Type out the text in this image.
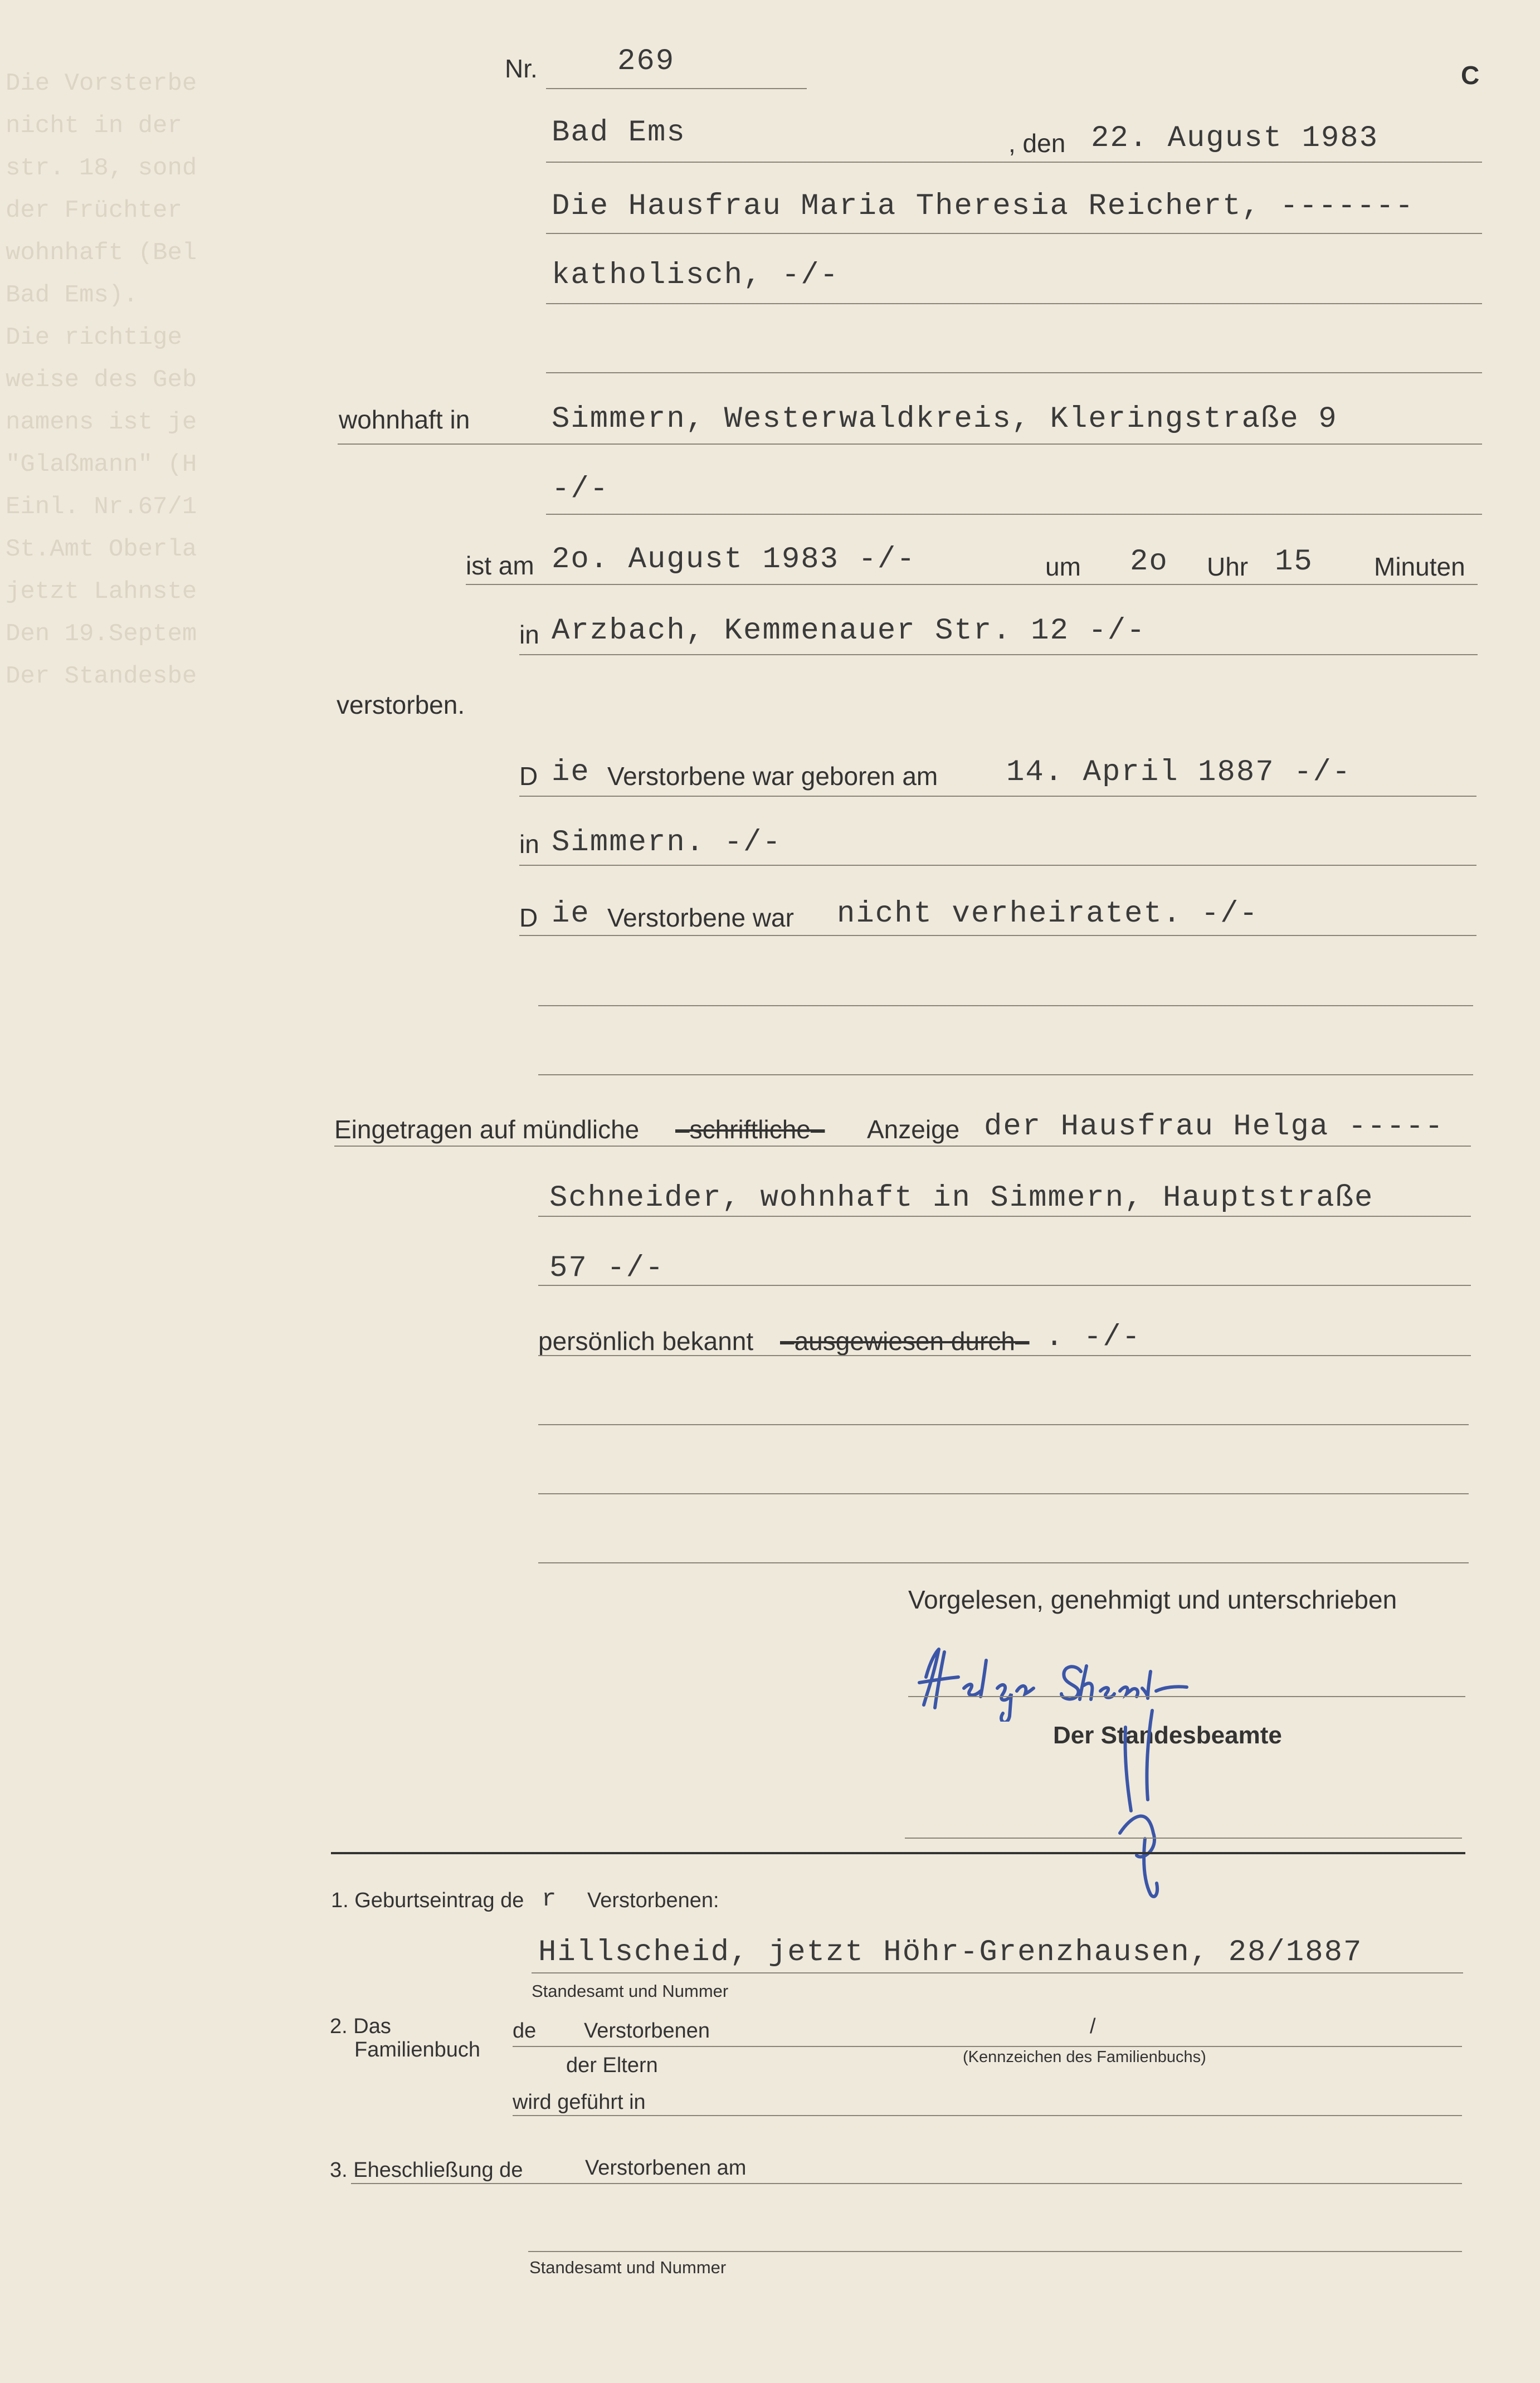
Die Vorsterbe
nicht in der
str. 18, sond
der Früchter
wohnhaft (Bel
Bad Ems).
Die richtige
weise des Geb
namens ist je
"Glaßmann" (H
Einl. Nr.67/1
St.Amt Oberla
jetzt Lahnste
Den 19.Septem
Der Standesbe
Nr.	269	C
Bad Ems	, den 22. August 1983
Die Hausfrau Maria Theresia Reichert, -------
katholisch, -/-
wohnhaft in	Simmern, Westerwaldkreis, Kleringstraße 9
-/-
ist am 2o. August 1983 -/-	um 2o Uhr 15 Minuten
in Arzbach, Kemmenauer Str. 12 -/-
verstorben.
D ie Verstorbene war geboren am 14. April 1887 -/-
in Simmern. -/-
D ie Verstorbene war nicht verheiratet. -/-
Eingetragen auf mündliche –schriftliche– Anzeige der Hausfrau Helga -----
Schneider, wohnhaft in Simmern, Hauptstraße
57 -/-
persönlich bekannt –ausgewiesen durch– . -/-
Vorgelesen, genehmigt und unterschrieben
Der Standesbeamte
1. Geburtseintrag de r Verstorbenen:
Hillscheid, jetzt Höhr-Grenzhausen, 28/1887
Standesamt und Nummer
2. Das
Familienbuch
de Verstorbenen	/
der Eltern	(Kennzeichen des Familienbuchs)
wird geführt in
3. Eheschließung de	Verstorbenen am
Standesamt und Nummer
